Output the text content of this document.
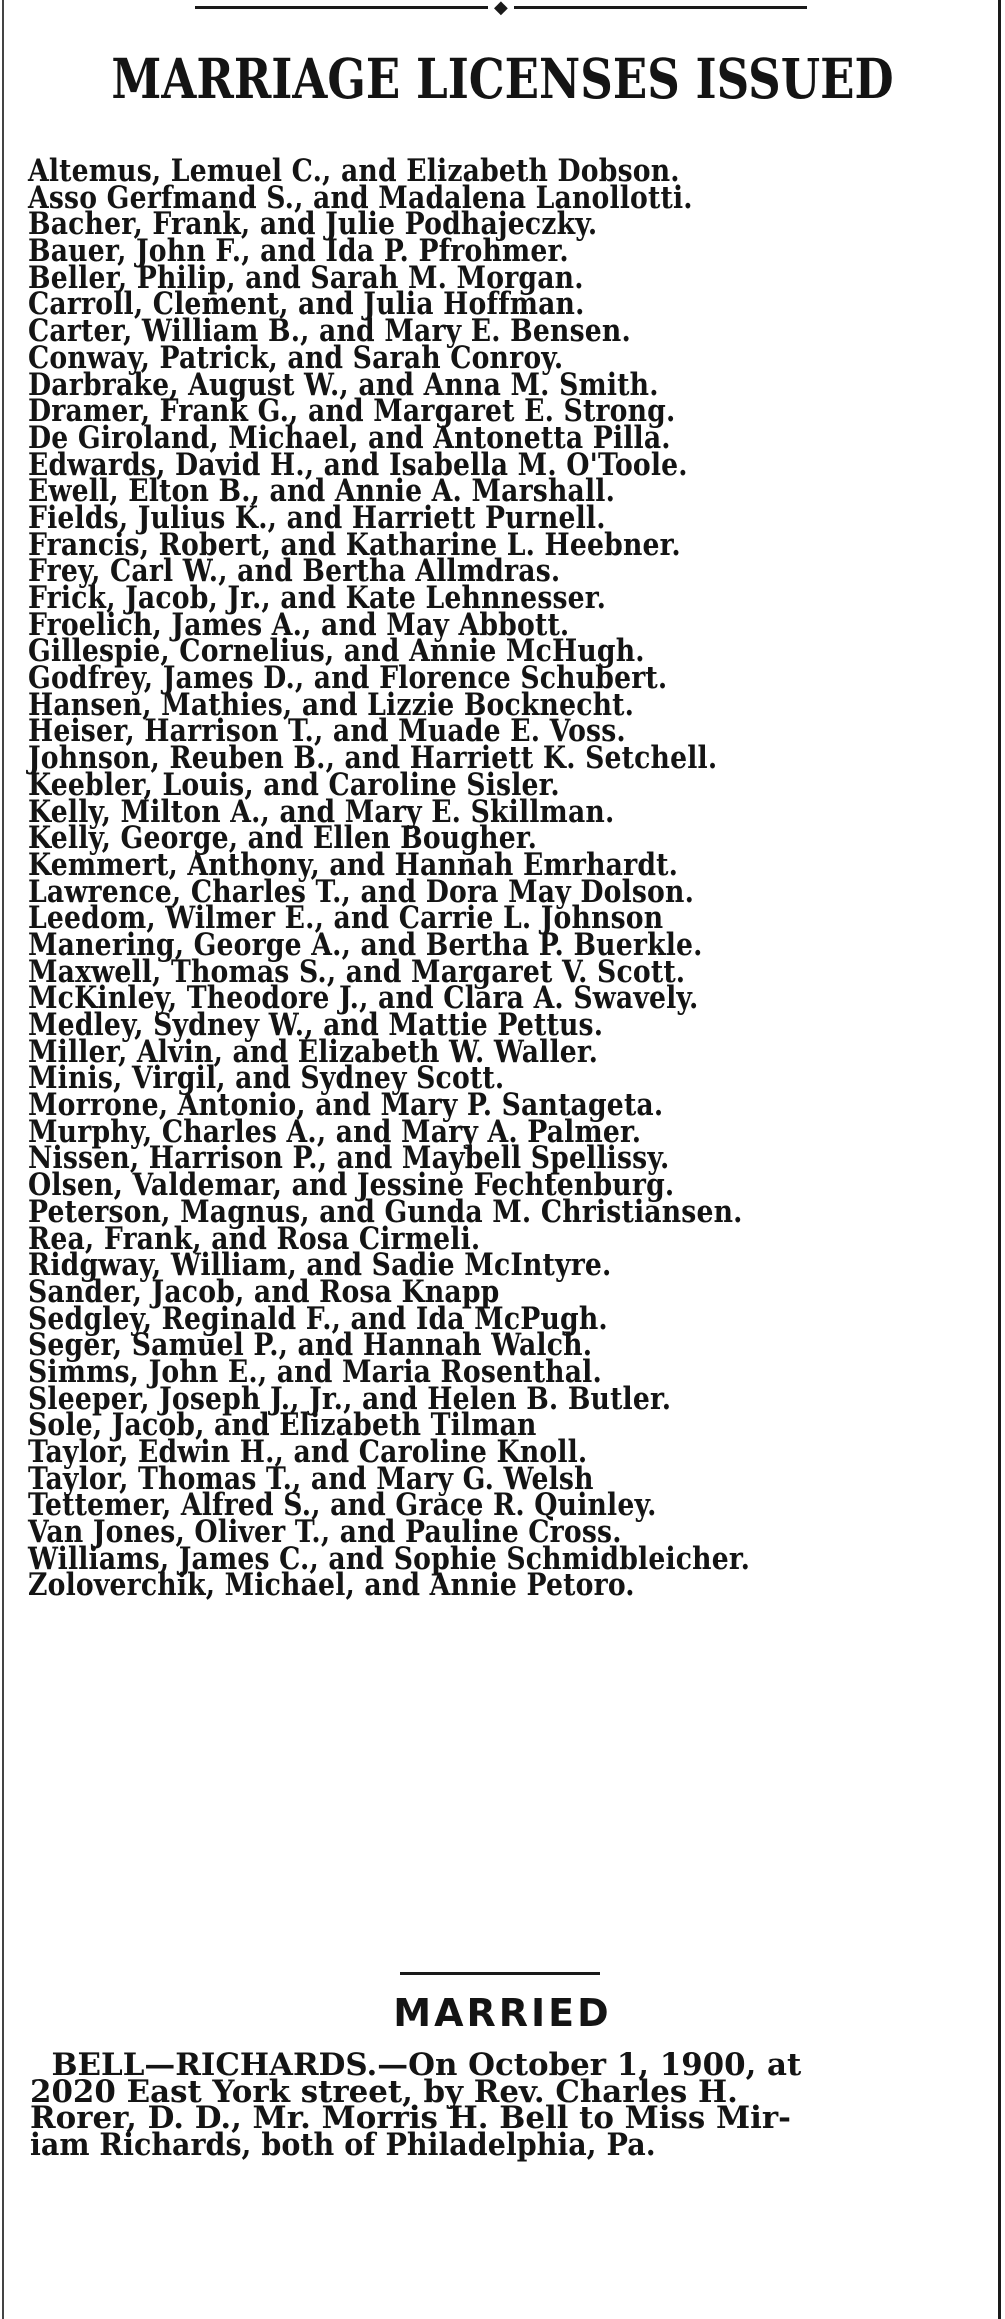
◆
MARRIAGE LICENSES ISSUED
Altemus, Lemuel C., and Elizabeth Dobson.
Asso Gerfmand S., and Madalena Lanollotti.
Bacher, Frank, and Julie Podhajeczky.
Bauer, John F., and Ida P. Pfrohmer.
Beller, Philip, and Sarah M. Morgan.
Carroll, Clement, and Julia Hoffman.
Carter, William B., and Mary E. Bensen.
Conway, Patrick, and Sarah Conroy.
Darbrake, August W., and Anna M. Smith.
Dramer, Frank G., and Margaret E. Strong.
De Giroland, Michael, and Antonetta Pilla.
Edwards, David H., and Isabella M. O'Toole.
Ewell, Elton B., and Annie A. Marshall.
Fields, Julius K., and Harriett Purnell.
Francis, Robert, and Katharine L. Heebner.
Frey, Carl W., and Bertha Allmdras.
Frick, Jacob, Jr., and Kate Lehnnesser.
Froelich, James A., and May Abbott.
Gillespie, Cornelius, and Annie McHugh.
Godfrey, James D., and Florence Schubert.
Hansen, Mathies, and Lizzie Bocknecht.
Heiser, Harrison T., and Muade E. Voss.
Johnson, Reuben B., and Harriett K. Setchell.
Keebler, Louis, and Caroline Sisler.
Kelly, Milton A., and Mary E. Skillman.
Kelly, George, and Ellen Bougher.
Kemmert, Anthony, and Hannah Emrhardt.
Lawrence, Charles T., and Dora May Dolson.
Leedom, Wilmer E., and Carrie L. Johnson
Manering, George A., and Bertha P. Buerkle.
Maxwell, Thomas S., and Margaret V. Scott.
McKinley, Theodore J., and Clara A. Swavely.
Medley, Sydney W., and Mattie Pettus.
Miller, Alvin, and Elizabeth W. Waller.
Minis, Virgil, and Sydney Scott.
Morrone, Antonio, and Mary P. Santageta.
Murphy, Charles A., and Mary A. Palmer.
Nissen, Harrison P., and Maybell Spellissy.
Olsen, Valdemar, and Jessine Fechtenburg.
Peterson, Magnus, and Gunda M. Christiansen.
Rea, Frank, and Rosa Cirmeli.
Ridgway, William, and Sadie McIntyre.
Sander, Jacob, and Rosa Knapp
Sedgley, Reginald F., and Ida McPugh.
Seger, Samuel P., and Hannah Walch.
Simms, John E., and Maria Rosenthal.
Sleeper, Joseph J., Jr., and Helen B. Butler.
Sole, Jacob, and Elizabeth Tilman
Taylor, Edwin H., and Caroline Knoll.
Taylor, Thomas T., and Mary G. Welsh
Tettemer, Alfred S., and Grace R. Quinley.
Van Jones, Oliver T., and Pauline Cross.
Williams, James C., and Sophie Schmidbleicher.
Zoloverchik, Michael, and Annie Petoro.
MARRIED
BELL—RICHARDS.—On October 1, 1900, at
2020 East York street, by Rev. Charles H.
Rorer, D. D., Mr. Morris H. Bell to Miss Mir-
iam Richards, both of Philadelphia, Pa.
